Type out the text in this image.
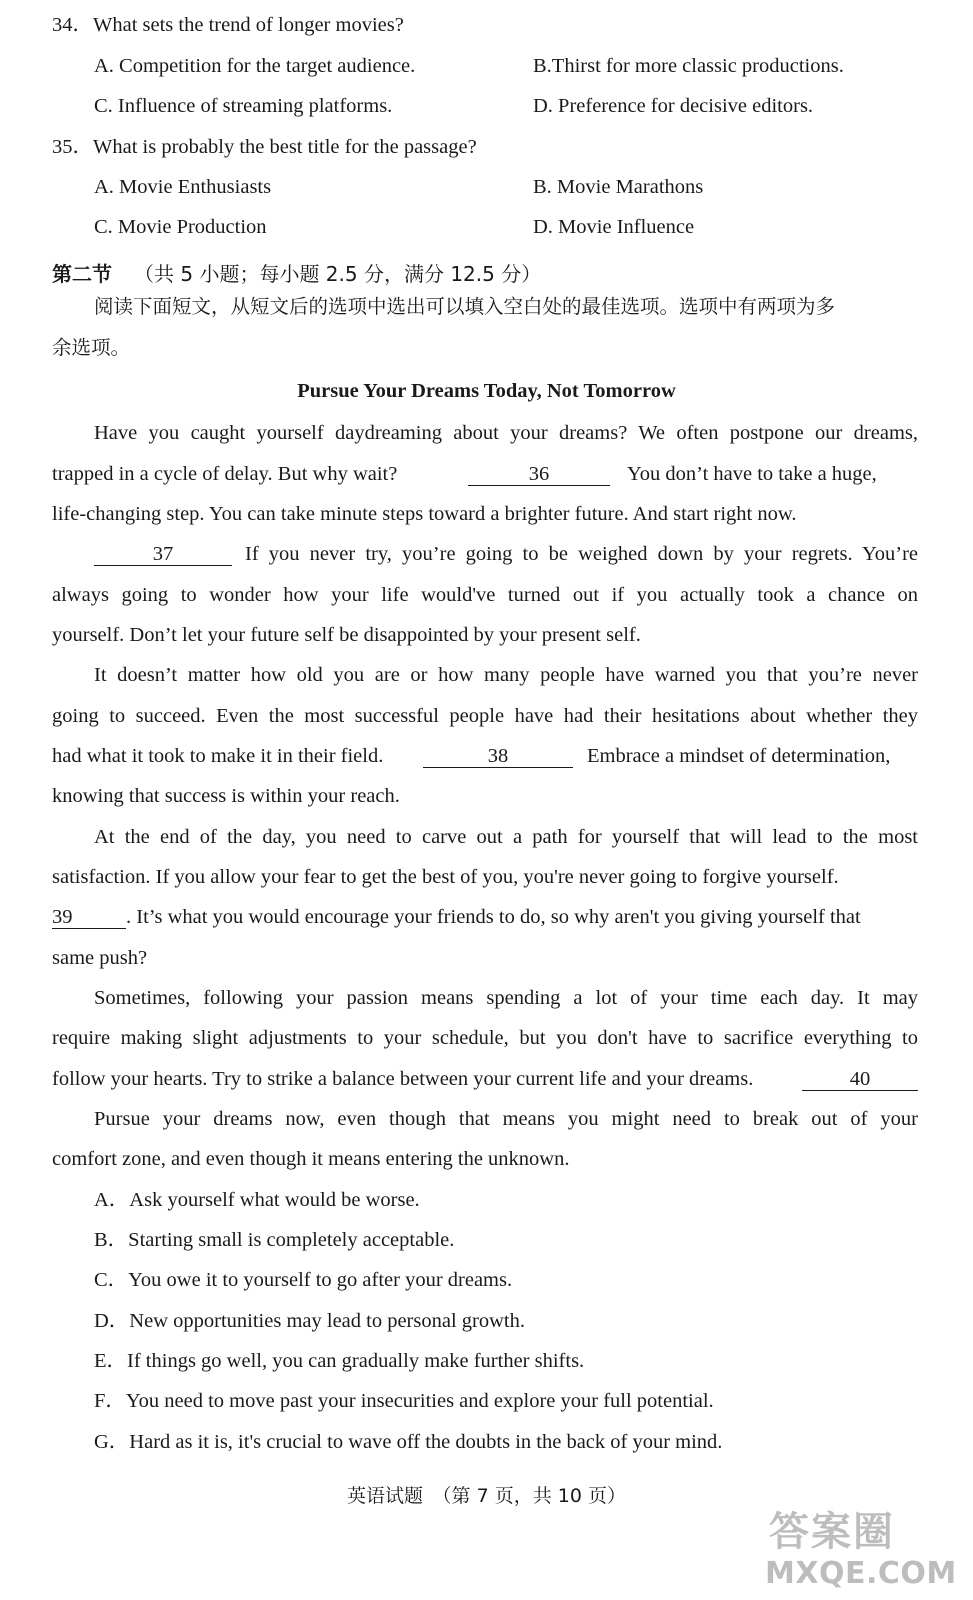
34．What sets the trend of longer movies?
A. Competition for the target audience.	B.Thirst for more classic productions.
C. Influence of streaming platforms.	D. Preference for decisive editors.
35．What is probably the best title for the passage?
A. Movie Enthusiasts	B. Movie Marathons
C. Movie Production	D. Movie Influence
第二节 （共 5 小题；每小题 2.5 分，满分 12.5 分）
阅读下面短文，从短文后的选项中选出可以填入空白处的最佳选项。选项中有两项为多
余选项。
Pursue Your Dreams Today, Not Tomorrow
Have you caught yourself daydreaming about your dreams? We often postpone our dreams,
trapped in a cycle of delay. But why wait?	36	You don’t have to take a huge,
life-changing step. You can take minute steps toward a brighter future. And start right now.
37	If you never try, you’re going to be weighed down by your regrets. You’re
always going to wonder how your life would've turned out if you actually took a chance on
yourself. Don’t let your future self be disappointed by your present self.
It doesn’t matter how old you are or how many people have warned you that you’re never
going to succeed. Even the most successful people have had their hesitations about whether they
had what it took to make it in their field.	38	Embrace a mindset of determination,
knowing that success is within your reach.
At the end of the day, you need to carve out a path for yourself that will lead to the most
satisfaction. If you allow your fear to get the best of you, you're never going to forgive yourself.
39	. It’s what you would encourage your friends to do, so why aren't you giving yourself that
same push?
Sometimes, following your passion means spending a lot of your time each day. It may
require making slight adjustments to your schedule, but you don't have to sacrifice everything to
follow your hearts. Try to strike a balance between your current life and your dreams.	40
Pursue your dreams now, even though that means you might need to break out of your
comfort zone, and even though it means entering the unknown.
A．Ask yourself what would be worse.
B．Starting small is completely acceptable.
C．You owe it to yourself to go after your dreams.
D．New opportunities may lead to personal growth.
E．If things go well, you can gradually make further shifts.
F．You need to move past your insecurities and explore your full potential.
G．Hard as it is, it's crucial to wave off the doubts in the back of your mind.
英语试题　（第 7 页，共 10 页）
答案圈
MXQE.COM
